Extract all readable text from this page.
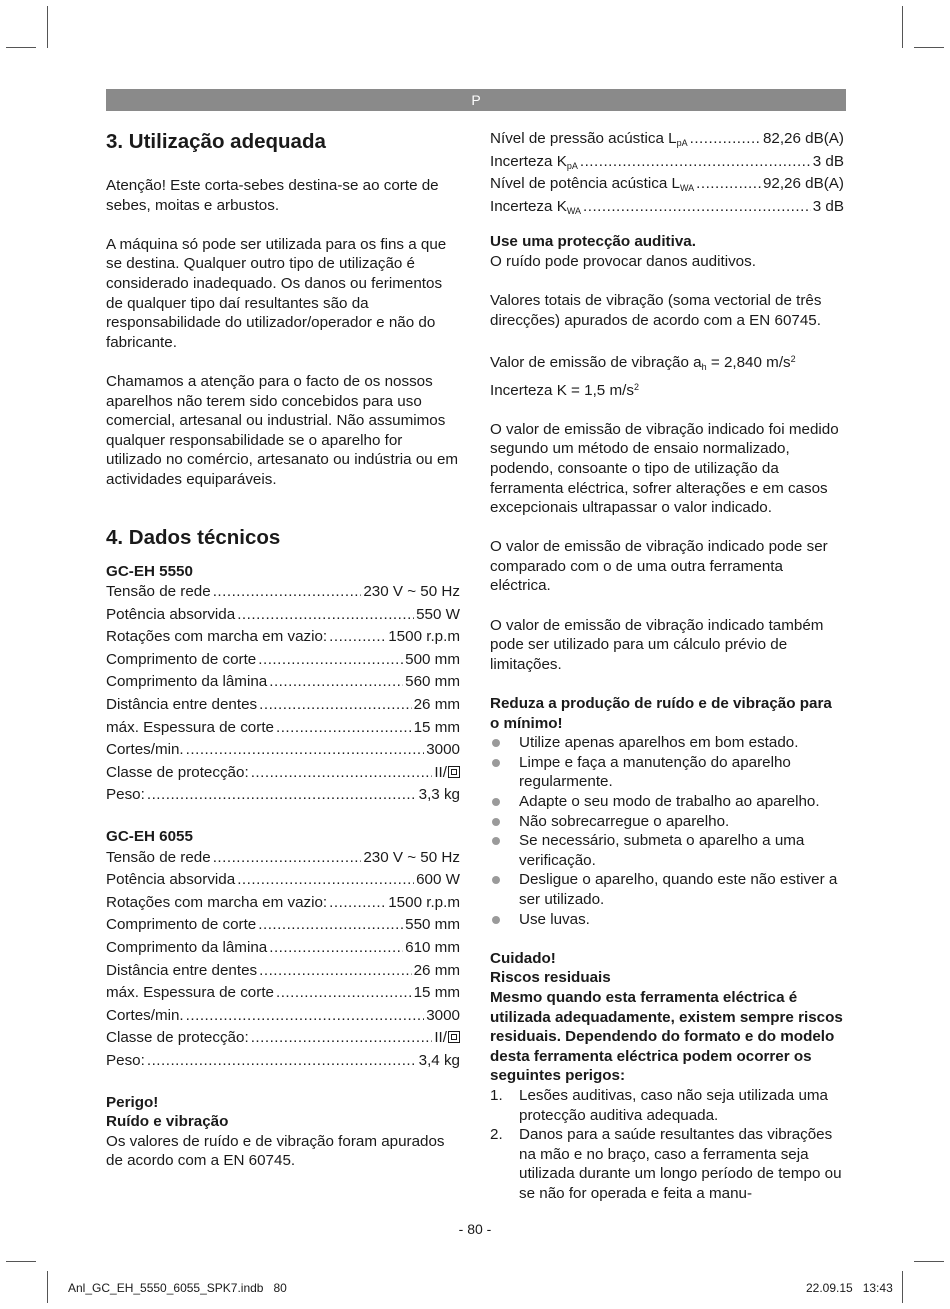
P
3. Utilização adequada

Atenção! Este corta-sebes destina-se ao corte de sebes, moitas e arbustos.

A máquina só pode ser utilizada para os fins a que se destina. Qualquer outro tipo de utilização é considerado inadequado. Os danos ou ferimentos de qualquer tipo daí resultantes são da responsabilidade do utilizador/operador e não do fabricante.

Chamamos a atenção para o facto de os nossos aparelhos não terem sido concebidos para uso comercial, artesanal ou industrial. Não assumimos qualquer responsabilidade se o aparelho for utilizado no comércio, artesanato ou indústria ou em actividades equiparáveis.

4. Dados técnicos

GC-EH 5550

Tensão de rede .....	230 V ~ 50 Hz
Potência absorvida .....	550 W
Rotações com marcha em vazio: .....	1500 r.p.m
Comprimento de corte .....	500 mm
Comprimento da lâmina .....	560 mm
Distância entre dentes .....	26 mm
máx. Espessura de corte .....	15 mm
Cortes/min. .....	3000
Classe de protecção: .....	II/
Peso: .....	3,3 kg

GC-EH 6055

Tensão de rede .....	230 V ~ 50 Hz
Potência absorvida .....	600 W
Rotações com marcha em vazio: .....	1500 r.p.m
Comprimento de corte .....	550 mm
Comprimento da lâmina .....	610 mm
Distância entre dentes .....	26 mm
máx. Espessura de corte .....	15 mm
Cortes/min. .....	3000
Classe de protecção: .....	II/
Peso: .....	3,4 kg

Perigo!

Ruído e vibração

Os valores de ruído e de vibração foram apurados de acordo com a EN 60745.

Nível de pressão acústica $L_{pA}$ .....	82,26 dB(A)
Incerteza $K_{pA}$ .....	3 dB
Nível de potência acústica $L_{WA}$ .....	92,26 dB(A)
Incerteza $K_{WA}$ .....	3 dB

Use uma protecção auditiva.

O ruído pode provocar danos auditivos.

Valores totais de vibração (soma vectorial de três direcções) apurados de acordo com a EN 60745.

Valor de emissão de vibração $a_h = 2,840$ $m/s^2$

Incerteza K = 1,5 $m/s^2$

O valor de emissão de vibração indicado foi medido segundo um método de ensaio normalizado, podendo, consoante o tipo de utilização da ferramenta eléctrica, sofrer alterações e em casos excepcionais ultrapassar o valor indicado.

O valor de emissão de vibração indicado pode ser comparado com o de uma outra ferramenta eléctrica.

O valor de emissão de vibração indicado também pode ser utilizado para um cálculo prévio de limitações.

Reduza a produção de ruído e de vibração para o mínimo!

Utilize apenas aparelhos em bom estado.
Limpe e faça a manutenção do aparelho regularmente.
Adapte o seu modo de trabalho ao aparelho.
Não sobrecarregue o aparelho.
Se necessário, submeta o aparelho a uma verificação.
Desligue o aparelho, quando este não estiver a ser utilizado.
Use luvas.

Cuidado!

Riscos residuais

Mesmo quando esta ferramenta eléctrica é utilizada adequadamente, existem sempre riscos residuais. Dependendo do formato e do modelo desta ferramenta eléctrica podem ocorrer os seguintes perigos:

1. Lesões auditivas, caso não seja utilizada uma protecção auditiva adequada.
2. Danos para a saúde resultantes das vibrações na mão e no braço, caso a ferramenta seja utilizada durante um longo período de tempo ou se não for operada e feita a manu-
- 80 -
Anl_GC_EH_5550_6055_SPK7.indb   80	22.09.15   13:43
